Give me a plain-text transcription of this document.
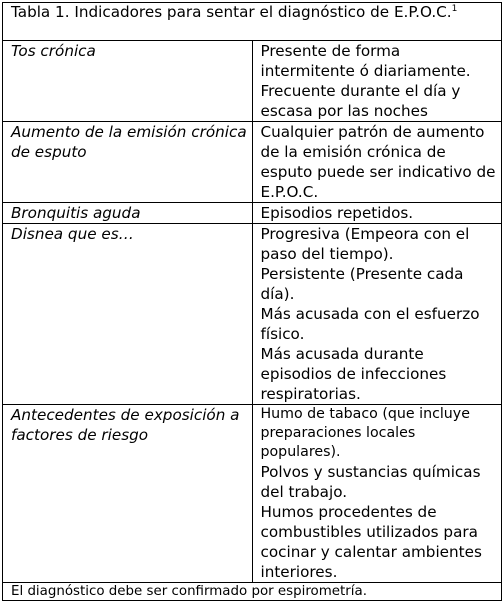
Tabla 1. Indicadores para sentar el diagnóstico de E.P.O.C.$^1$
Tos crónica	Presente de forma intermitente ó diariamente.
Frecuente durante el día y escasa por las noches

Aumento de la emisión crónica de esputo	Cualquier patrón de aumento de la emisión crónica de esputo puede ser indicativo de E.P.O.C.

Bronquitis aguda	Episodios repetidos.

Disnea que es…	Progresiva (Empeora con el paso del tiempo).
Persistente (Presente cada día).
Más acusada con el esfuerzo físico.
Más acusada durante episodios de infecciones respiratorias.

Antecedentes de exposición a factores de riesgo	Humo de tabaco (que incluye preparaciones locales populares).
Polvos y sustancias químicas del trabajo.
Humos procedentes de combustibles utilizados para cocinar y calentar ambientes interiores.

El diagnóstico debe ser confirmado por espirometría.	
